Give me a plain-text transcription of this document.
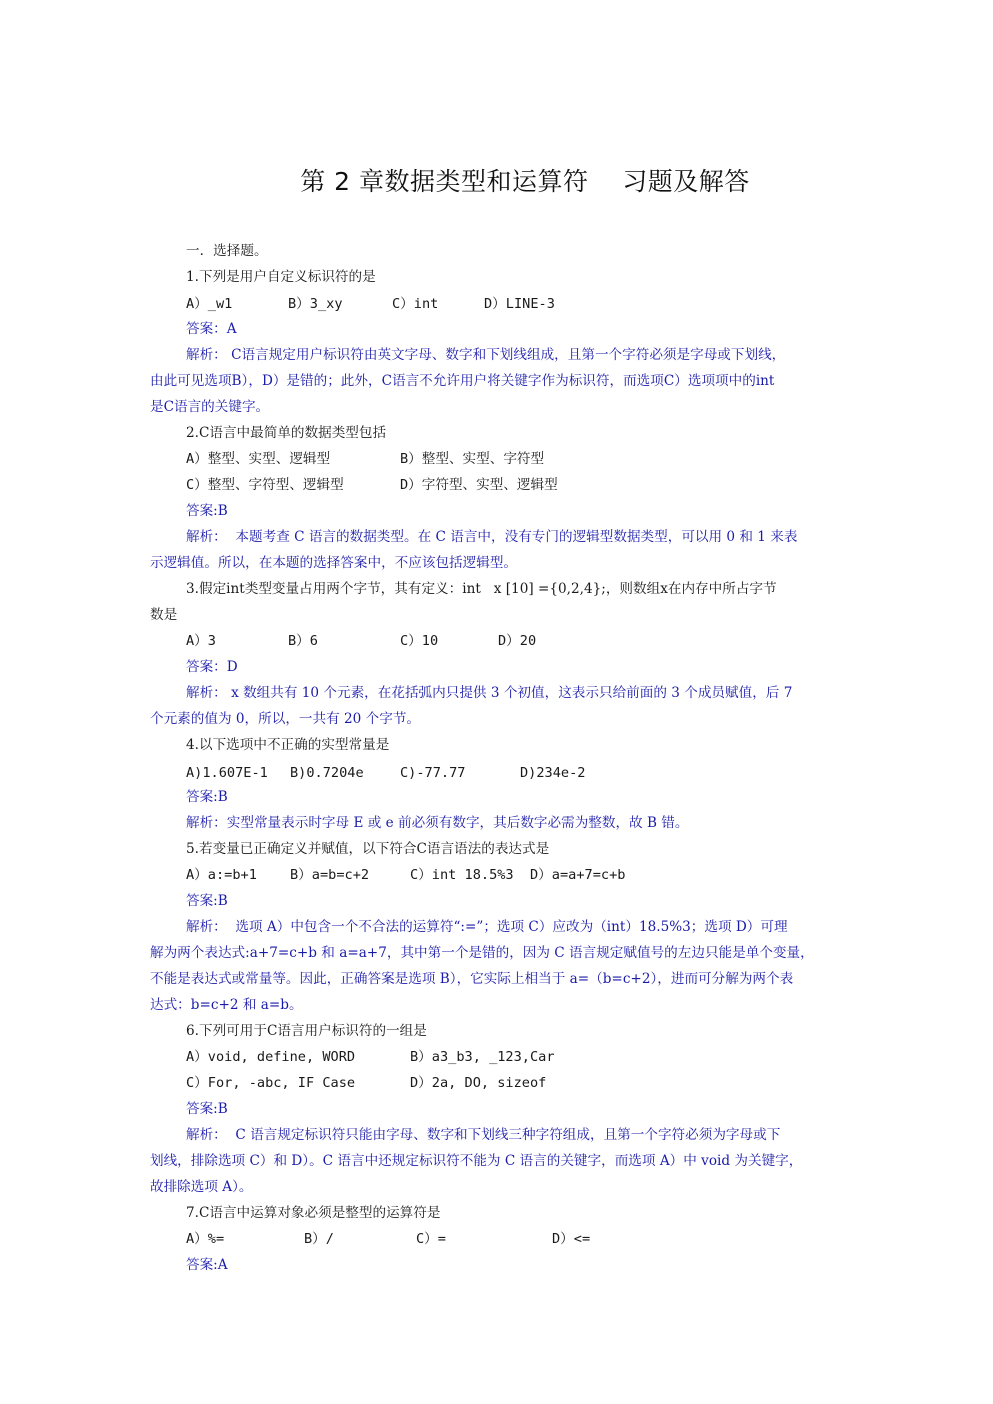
第 2 章数据类型和运算符    习题及解答
一．选择题。
1.下列是用户自定义标识符的是
A）_w1	B）3_xy	C）int	D）LINE-3
答案：A
解析： C语言规定用户标识符由英文字母、数字和下划线组成，且第一个字符必须是字母或下划线，
由此可见选项B），D）是错的；此外，C语言不允许用户将关键字作为标识符，而选项C）选项项中的int
是C语言的关键字。
2.C语言中最简单的数据类型包括
A）整型、实型、逻辑型	B）整型、实型、字符型
C）整型、字符型、逻辑型	D）字符型、实型、逻辑型
答案:B
解析：  本题考查 C 语言的数据类型。在 C 语言中，没有专门的逻辑型数据类型，可以用 0 和 1 来表
示逻辑值。所以，在本题的选择答案中，不应该包括逻辑型。
3.假定int类型变量占用两个字节，其有定义：int   x [10] ={0,2,4};，则数组x在内存中所占字节
数是
A）3	B）6	C）10	D）20
答案：D
解析： x 数组共有 10 个元素，在花括弧内只提供 3 个初值，这表示只给前面的 3 个成员赋值，后 7
个元素的值为 0，所以，一共有 20 个字节。
4.以下选项中不正确的实型常量是
A)1.607E-1 B)0.7204e	C)-77.77	D)234e-2
答案:B
解析：实型常量表示时字母 E 或 e 前必须有数字，其后数字必需为整数，故 B 错。
5.若变量已正确定义并赋值，以下符合C语言语法的表达式是
A）a:=b+1 B）a=b=c+2	C）int 18.5%3 D）a=a+7=c+b
答案:B
解析：  选项 A）中包含一个不合法的运算符“:=”；选项 C）应改为（int）18.5%3；选项 D）可理
解为两个表达式:a+7=c+b 和 a=a+7，其中第一个是错的，因为 C 语言规定赋值号的左边只能是单个变量，
不能是表达式或常量等。因此，正确答案是选项 B），它实际上相当于 a=（b=c+2），进而可分解为两个表
达式：b=c+2 和 a=b。
6.下列可用于C语言用户标识符的一组是
A）void, define, WORD	B）a3_b3, _123,Car
C）For, -abc, IF Case	D）2a, DO, sizeof
答案:B
解析：  C 语言规定标识符只能由字母、数字和下划线三种字符组成，且第一个字符必须为字母或下
划线，排除选项 C）和 D）。C 语言中还规定标识符不能为 C 语言的关键字，而选项 A）中 void 为关键字，
故排除选项 A）。
7.C语言中运算对象必须是整型的运算符是
A）%=	B）/	C）=	D）<=
答案:A
